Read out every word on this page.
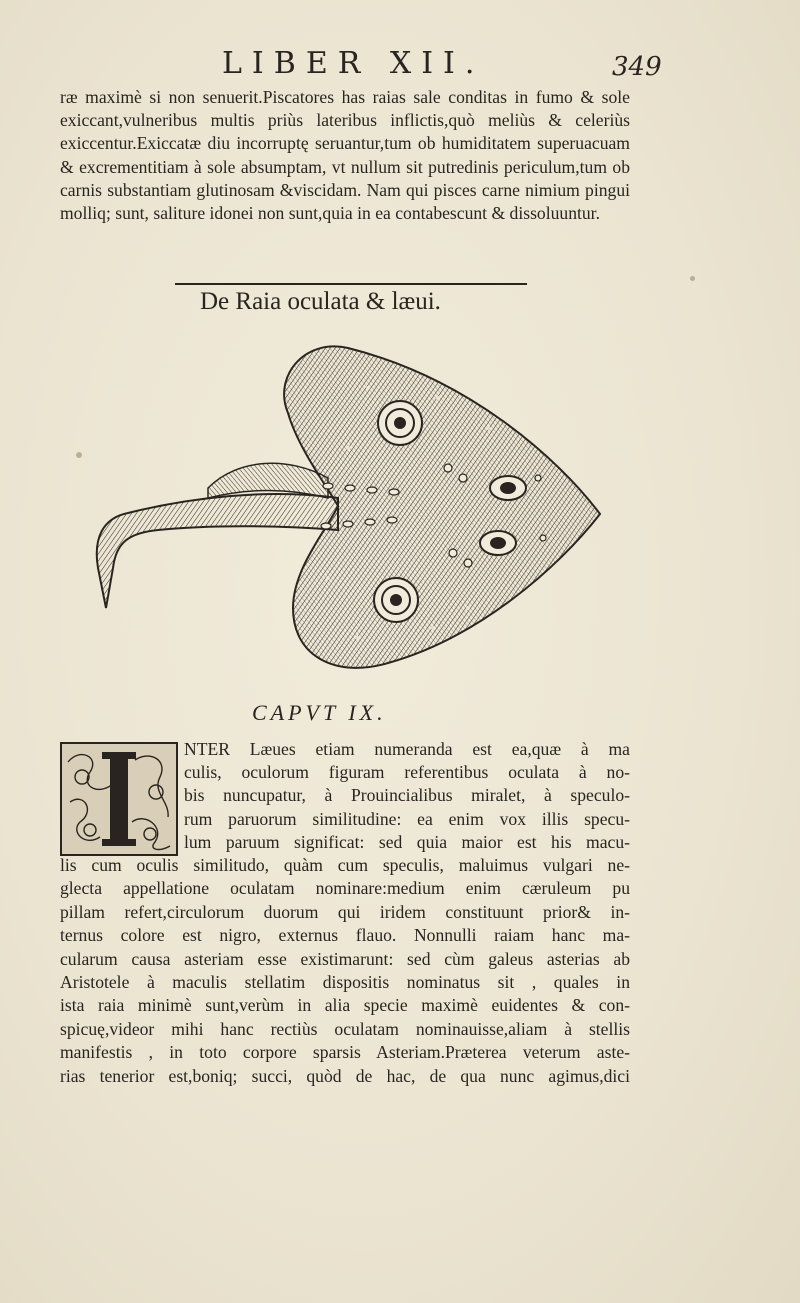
LIBER XII.	349

ræ maximè si non senuerit.Piscatores has raias sale conditas in fumo & sole exiccant,vulneribus multis priùs lateribus inflictis,quò meliùs & celeriùs exiccentur.Exiccatæ diu incorruptę seruantur,tum ob humiditatem superuacuam & excrementitiam à sole absumptam, vt nullum sit putredinis periculum,tum ob carnis substantiam glutinosam &viscidam. Nam qui pisces carne nimium pingui molliq; sunt, saliture idonei non sunt,quia in ea contabescunt & dissoluuntur.

De Raia oculata & læui.
CAPVT IX.
NTER Læues etiam numeranda est ea,quæ à ma
culis, oculorum figuram referentibus oculata à no-
bis nuncupatur, à Prouincialibus miralet, à speculo-
rum paruorum similitudine: ea enim vox illis specu-
lum paruum significat: sed quia maior est his macu-
lis cum oculis similitudo, quàm cum speculis, maluimus vulgari ne-
glecta appellatione oculatam nominare:medium enim cæruleum pu
pillam refert,circulorum duorum qui iridem constituunt prior& in-
ternus colore est nigro, externus flauo. Nonnulli raiam hanc ma-
cularum causa asteriam esse existimarunt: sed cùm galeus asterias ab
Aristotele à maculis stellatim dispositis nominatus sit , quales in
ista raia minimè sunt,verùm in alia specie maximè euidentes & con-
spicuę,videor mihi hanc rectiùs oculatam nominauisse,aliam à stellis
manifestis , in toto corpore sparsis Asteriam.Præterea veterum aste-
rias tenerior est,boniq; succi, quòd de hac, de qua nunc agimus,dici
